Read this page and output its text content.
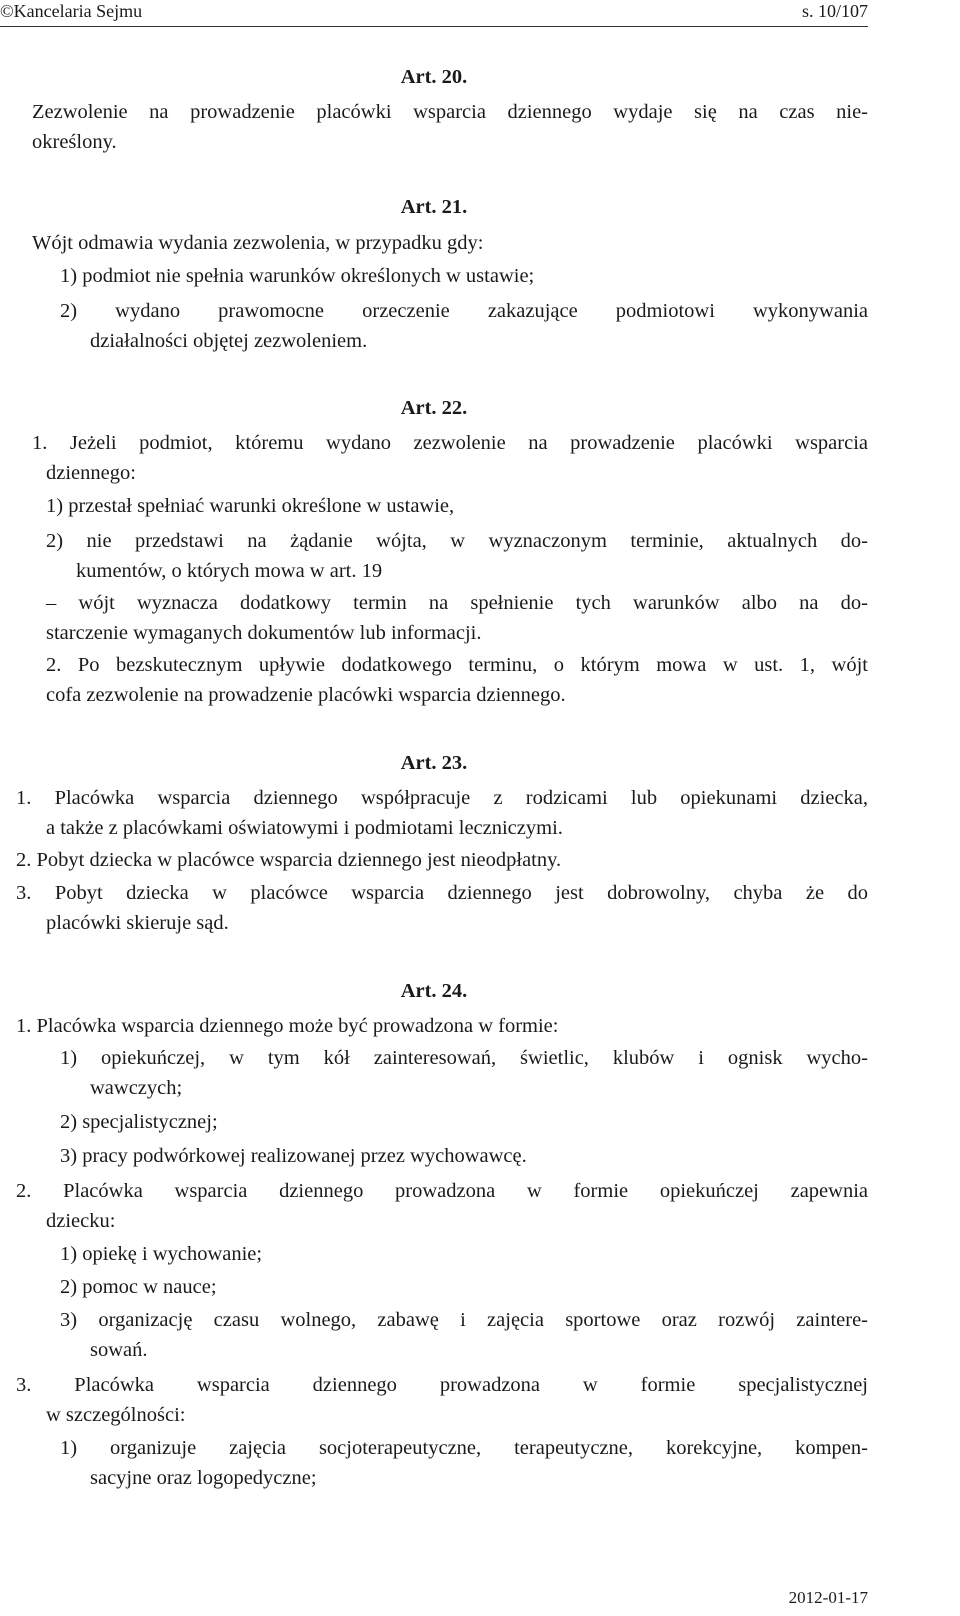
©Kancelaria Sejmu	s. 10/107
Art. 20.
Zezwolenie na prowadzenie placówki wsparcia dziennego wydaje się na czas nie-
określony.
Art. 21.
Wójt odmawia wydania zezwolenia, w przypadku gdy:
1) podmiot nie spełnia warunków określonych w ustawie;
2) wydano prawomocne orzeczenie zakazujące podmiotowi wykonywania
działalności objętej zezwoleniem.
Art. 22.
1. Jeżeli podmiot, któremu wydano zezwolenie na prowadzenie placówki wsparcia
dziennego:
1) przestał spełniać warunki określone w ustawie,
2) nie przedstawi na żądanie wójta, w wyznaczonym terminie, aktualnych do-
kumentów, o których mowa w art. 19
– wójt wyznacza dodatkowy termin na spełnienie tych warunków albo na do-
starczenie wymaganych dokumentów lub informacji.
2. Po bezskutecznym upływie dodatkowego terminu, o którym mowa w ust. 1, wójt
cofa zezwolenie na prowadzenie placówki wsparcia dziennego.
Art. 23.
1. Placówka wsparcia dziennego współpracuje z rodzicami lub opiekunami dziecka,
a także z placówkami oświatowymi i podmiotami leczniczymi.
2. Pobyt dziecka w placówce wsparcia dziennego jest nieodpłatny.
3. Pobyt dziecka w placówce wsparcia dziennego jest dobrowolny, chyba że do
placówki skieruje sąd.
Art. 24.
1. Placówka wsparcia dziennego może być prowadzona w formie:
1) opiekuńczej, w tym kół zainteresowań, świetlic, klubów i ognisk wycho-
wawczych;
2) specjalistycznej;
3) pracy podwórkowej realizowanej przez wychowawcę.
2. Placówka wsparcia dziennego prowadzona w formie opiekuńczej zapewnia
dziecku:
1) opiekę i wychowanie;
2) pomoc w nauce;
3) organizację czasu wolnego, zabawę i zajęcia sportowe oraz rozwój zaintere-
sowań.
3. Placówka wsparcia dziennego prowadzona w formie specjalistycznej
w szczególności:
1) organizuje zajęcia socjoterapeutyczne, terapeutyczne, korekcyjne, kompen-
sacyjne oraz logopedyczne;
2012-01-17
